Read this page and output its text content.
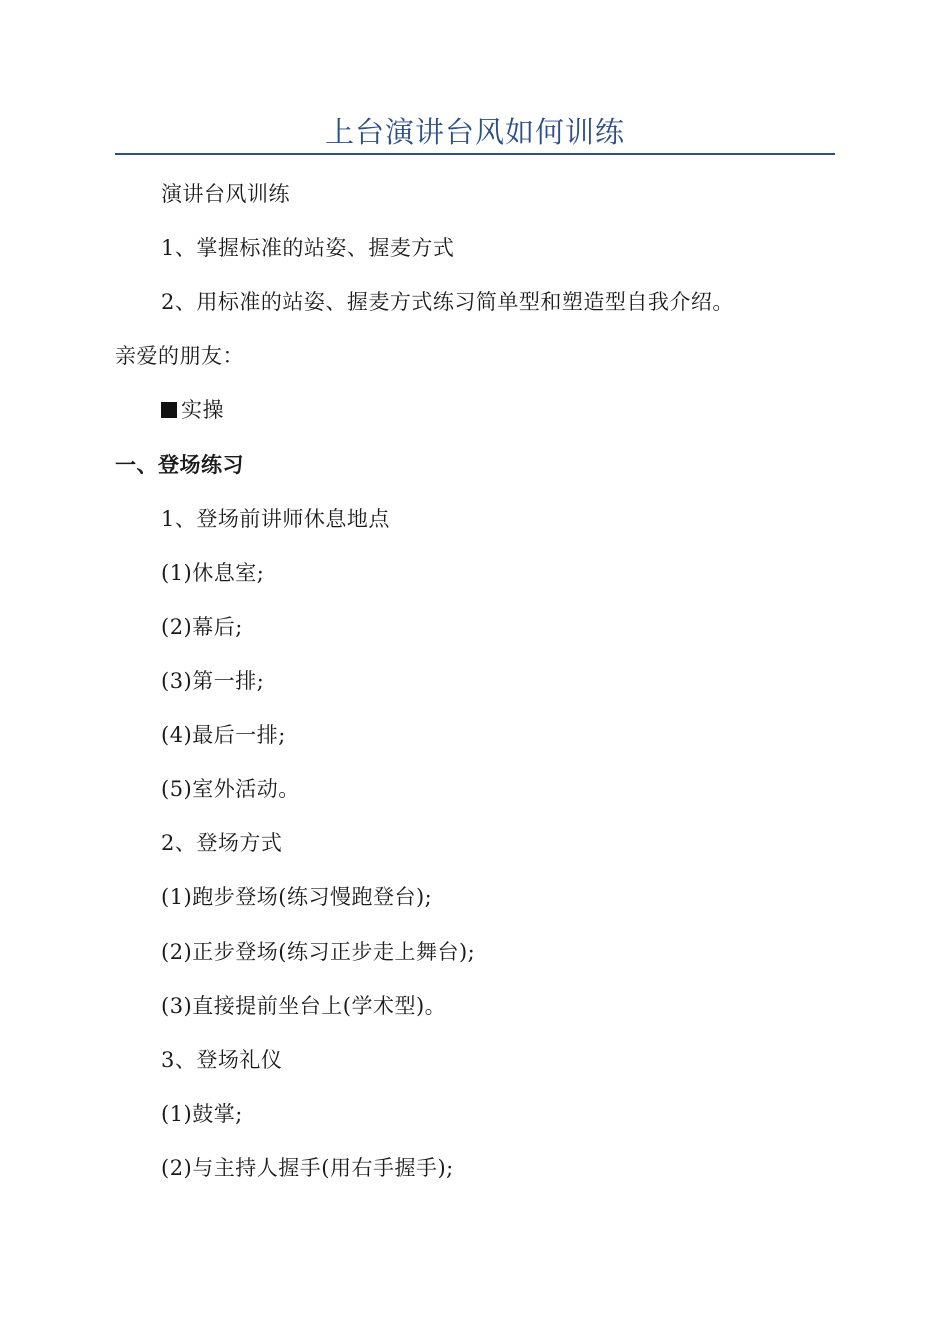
上台演讲台风如何训练
演讲台风训练
1、掌握标准的站姿、握麦方式
2、用标准的站姿、握麦方式练习简单型和塑造型自我介绍。
亲爱的朋友：
实操
一、登场练习
1、登场前讲师休息地点
(1)休息室;
(2)幕后;
(3)第一排;
(4)最后一排;
(5)室外活动。
2、登场方式
(1)跑步登场(练习慢跑登台);
(2)正步登场(练习正步走上舞台);
(3)直接提前坐台上(学术型)。
3、登场礼仪
(1)鼓掌;
(2)与主持人握手(用右手握手);
